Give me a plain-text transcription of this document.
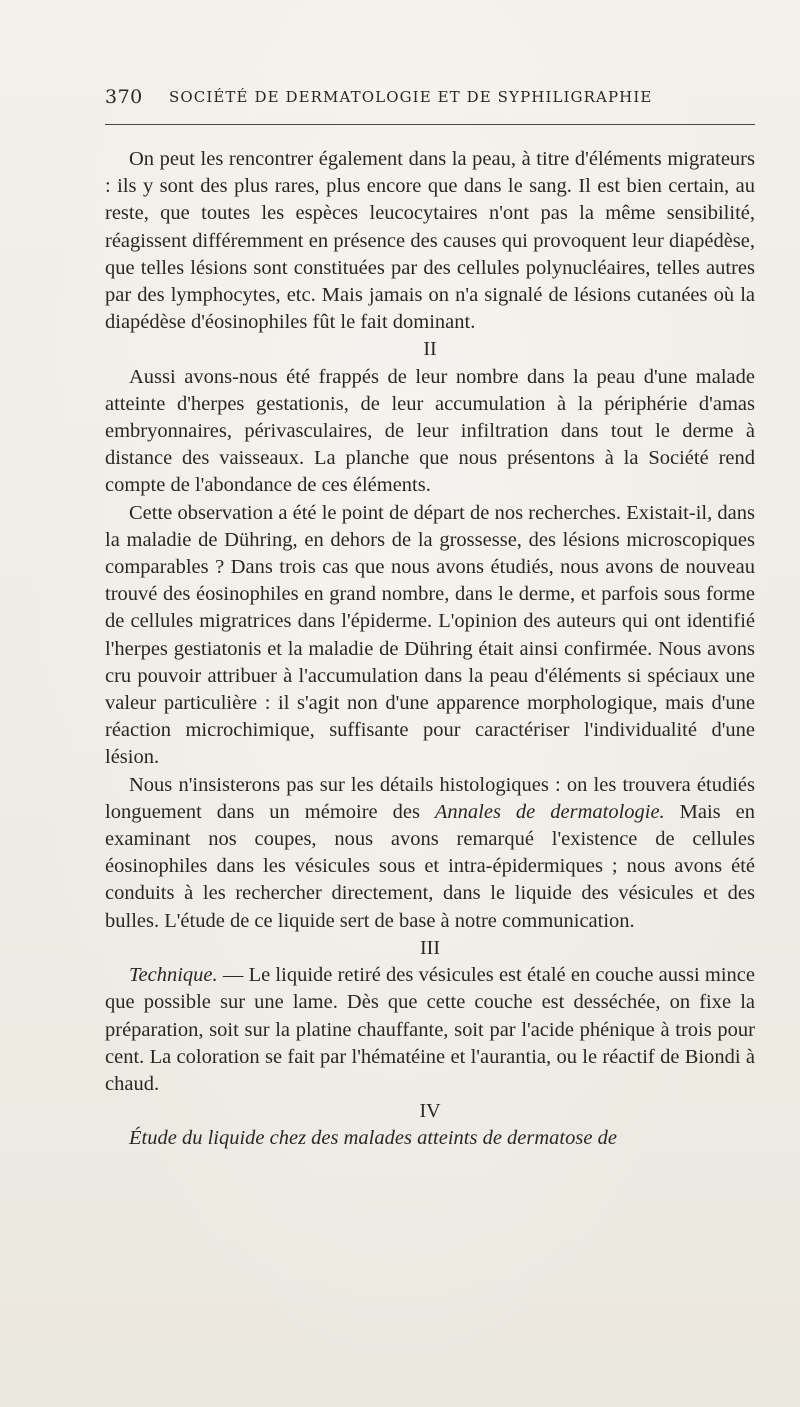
370 SOCIÉTÉ DE DERMATOLOGIE ET DE SYPHILIGRAPHIE

On peut les rencontrer également dans la peau, à titre d'éléments migrateurs : ils y sont des plus rares, plus encore que dans le sang. Il est bien certain, au reste, que toutes les espèces leucocytaires n'ont pas la même sensibilité, réagissent différemment en présence des causes qui provoquent leur diapédèse, que telles lésions sont constituées par des cellules polynucléaires, telles autres par des lymphocytes, etc. Mais jamais on n'a signalé de lésions cutanées où la diapédèse d'éosinophiles fût le fait dominant.

II

Aussi avons-nous été frappés de leur nombre dans la peau d'une malade atteinte d'herpes gestationis, de leur accumulation à la périphérie d'amas embryonnaires, périvasculaires, de leur infiltration dans tout le derme à distance des vaisseaux. La planche que nous présentons à la Société rend compte de l'abondance de ces éléments.

Cette observation a été le point de départ de nos recherches. Existait-il, dans la maladie de Dühring, en dehors de la grossesse, des lésions microscopiques comparables ? Dans trois cas que nous avons étudiés, nous avons de nouveau trouvé des éosinophiles en grand nombre, dans le derme, et parfois sous forme de cellules migratrices dans l'épiderme. L'opinion des auteurs qui ont identifié l'herpes gestiatonis et la maladie de Dühring était ainsi confirmée. Nous avons cru pouvoir attribuer à l'accumulation dans la peau d'éléments si spéciaux une valeur particulière : il s'agit non d'une apparence morphologique, mais d'une réaction microchimique, suffisante pour caractériser l'individualité d'une lésion.

Nous n'insisterons pas sur les détails histologiques : on les trouvera étudiés longuement dans un mémoire des Annales de dermatologie. Mais en examinant nos coupes, nous avons remarqué l'existence de cellules éosinophiles dans les vésicules sous et intra-épidermiques ; nous avons été conduits à les rechercher directement, dans le liquide des vésicules et des bulles. L'étude de ce liquide sert de base à notre communication.

III

Technique. — Le liquide retiré des vésicules est étalé en couche aussi mince que possible sur une lame. Dès que cette couche est desséchée, on fixe la préparation, soit sur la platine chauffante, soit par l'acide phénique à trois pour cent. La coloration se fait par l'hématéine et l'aurantia, ou le réactif de Biondi à chaud.

IV

Étude du liquide chez des malades atteints de dermatose de
